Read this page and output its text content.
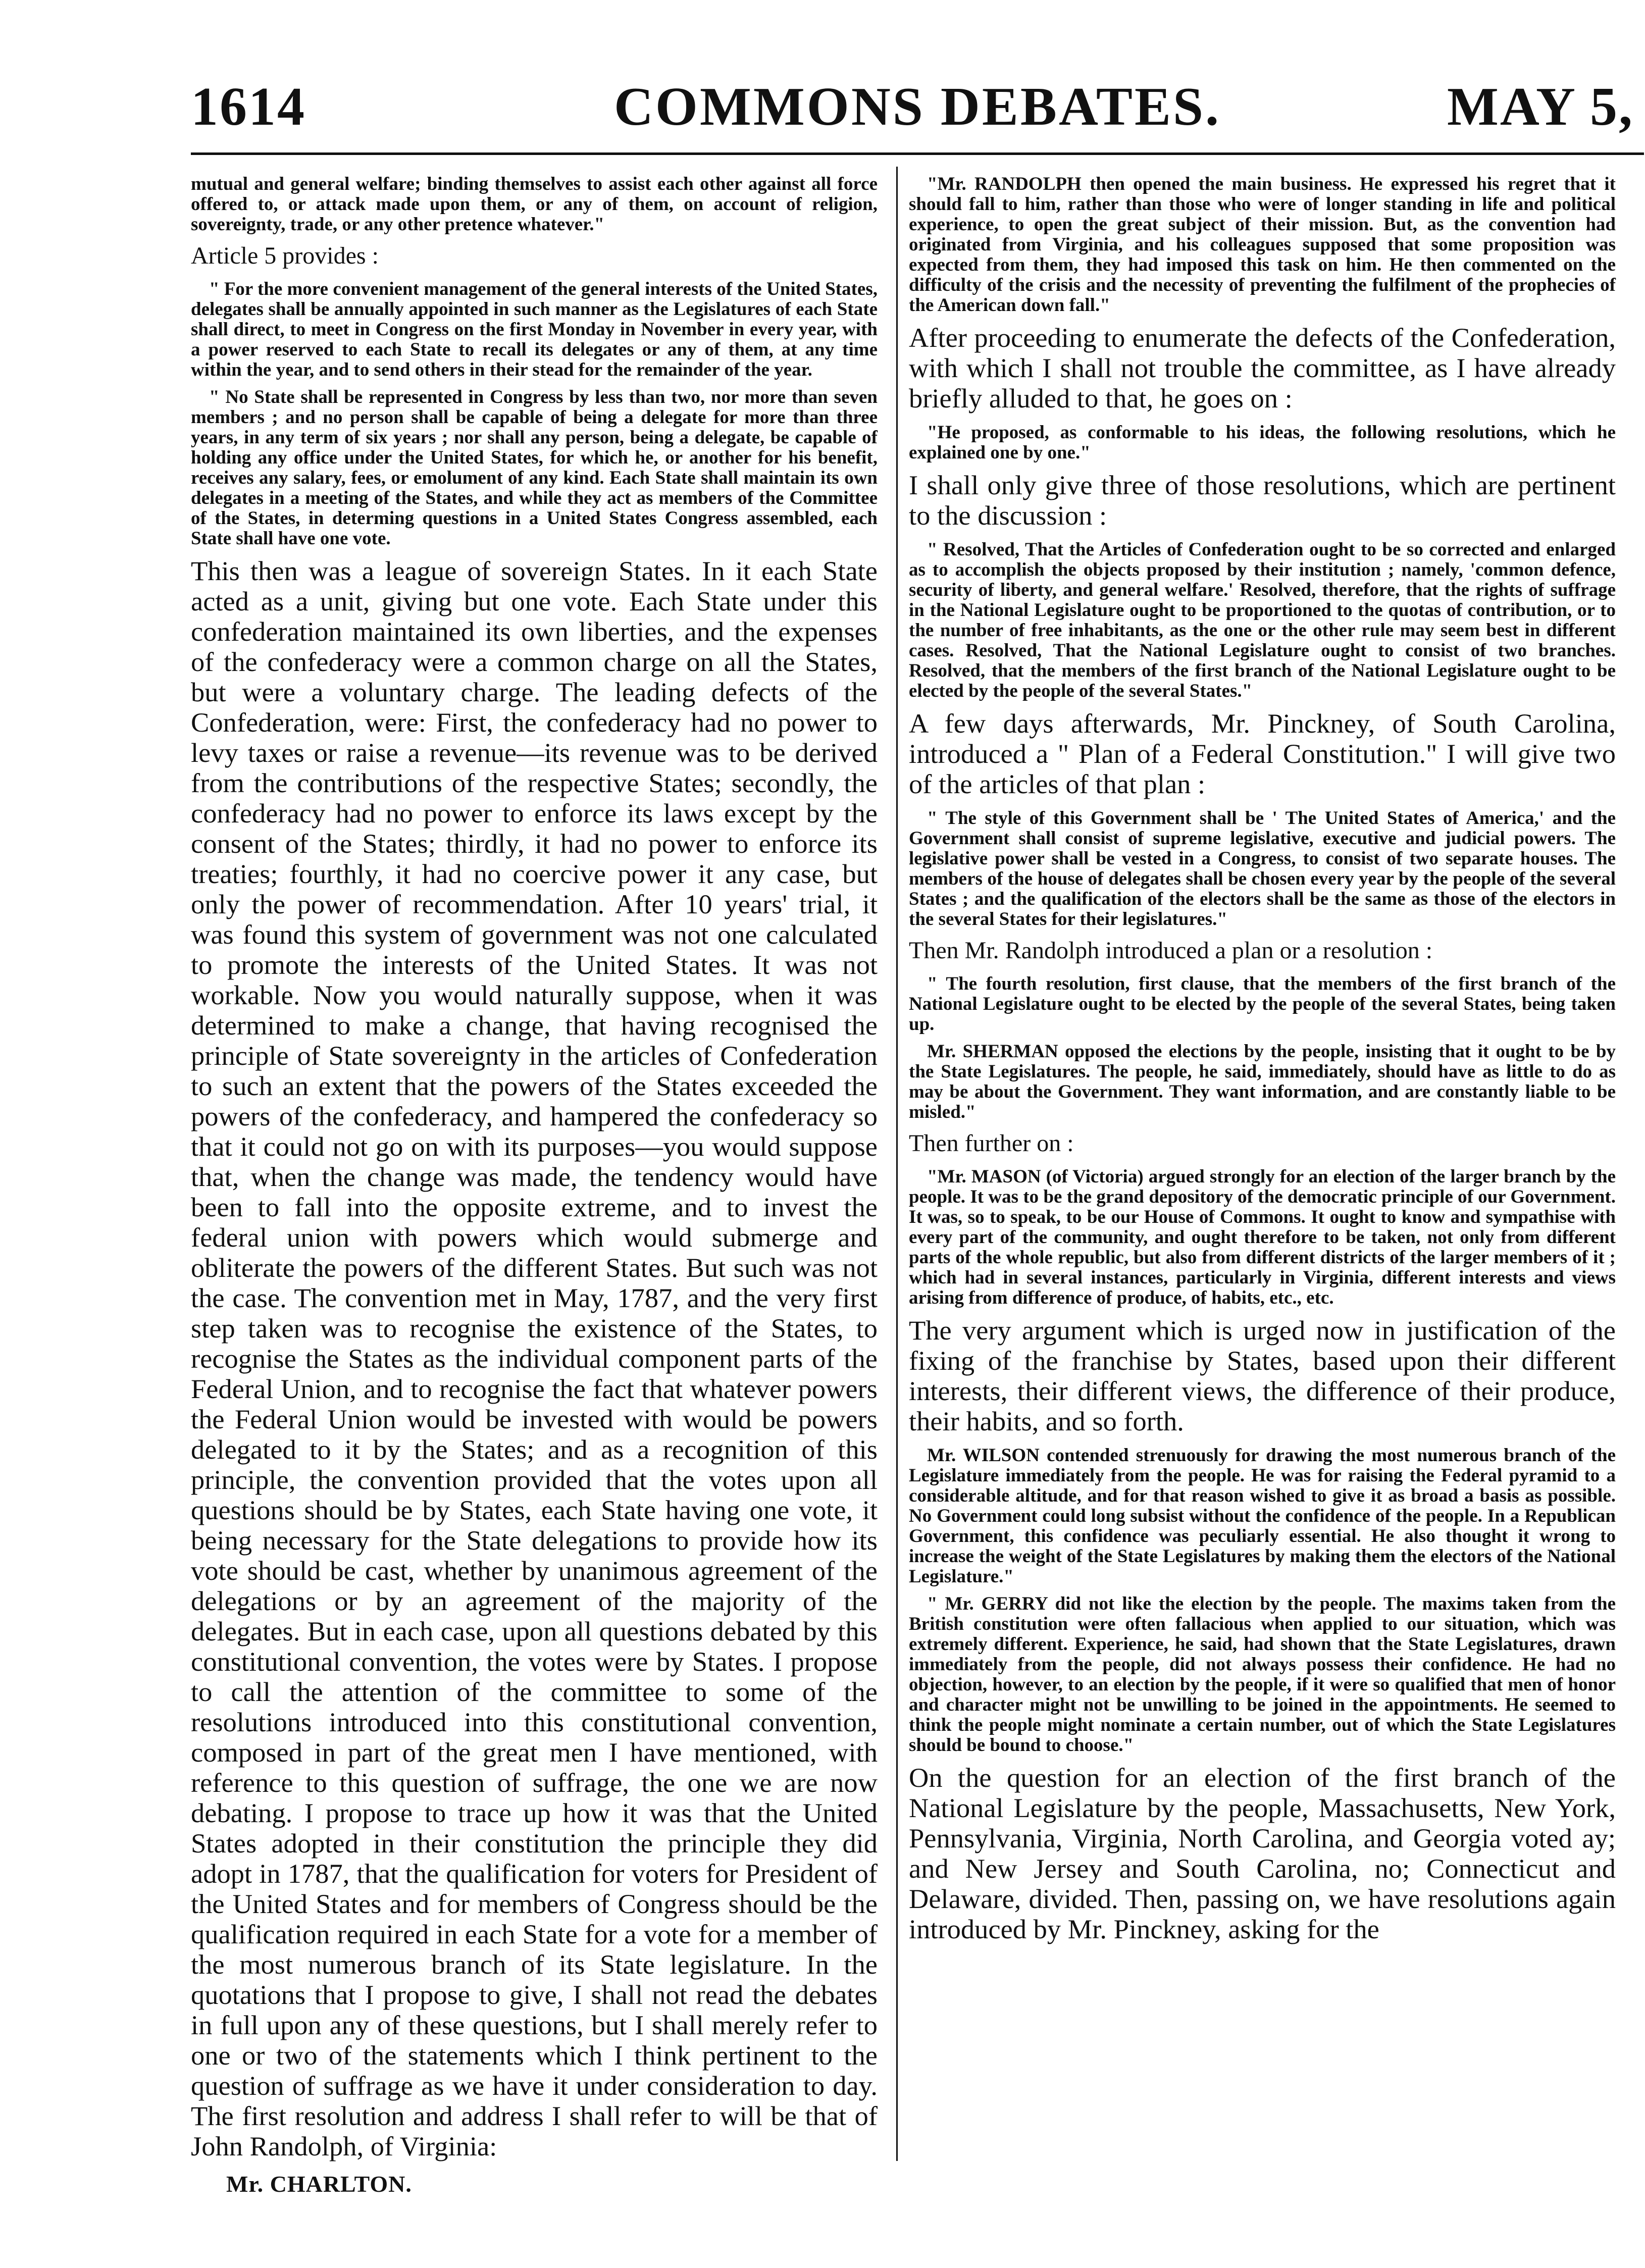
1614	COMMONS DEBATES.	MAY 5,

mutual and general welfare; binding themselves to assist each other against all force offered to, or attack made upon them, or any of them, on account of religion, sovereignty, trade, or any other pretence whatever."

Article 5 provides :

" For the more convenient management of the general interests of the United States, delegates shall be annually appointed in such manner as the Legislatures of each State shall direct, to meet in Congress on the first Monday in November in every year, with a power reserved to each State to recall its delegates or any of them, at any time within the year, and to send others in their stead for the remainder of the year.

" No State shall be represented in Congress by less than two, nor more than seven members ; and no person shall be capable of being a delegate for more than three years, in any term of six years ; nor shall any person, being a delegate, be capable of holding any office under the United States, for which he, or another for his benefit, receives any salary, fees, or emolument of any kind. Each State shall maintain its own delegates in a meeting of the States, and while they act as members of the Committee of the States, in determing questions in a United States Congress assembled, each State shall have one vote.

This then was a league of sovereign States. In it each State acted as a unit, giving but one vote. Each State under this confederation maintained its own liberties, and the expenses of the confederacy were a common charge on all the States, but were a voluntary charge. The leading defects of the Confederation, were: First, the confederacy had no power to levy taxes or raise a revenue—its revenue was to be derived from the contributions of the respective States; secondly, the confederacy had no power to enforce its laws except by the consent of the States; thirdly, it had no power to enforce its treaties; fourthly, it had no coercive power it any case, but only the power of recommendation. After 10 years' trial, it was found this system of government was not one calculated to promote the interests of the United States. It was not workable. Now you would naturally suppose, when it was determined to make a change, that having recognised the principle of State sovereignty in the articles of Confederation to such an extent that the powers of the States exceeded the powers of the confederacy, and hampered the confederacy so that it could not go on with its purposes—you would suppose that, when the change was made, the tendency would have been to fall into the opposite extreme, and to invest the federal union with powers which would submerge and obliterate the powers of the different States. But such was not the case. The convention met in May, 1787, and the very first step taken was to recognise the existence of the States, to recognise the States as the individual component parts of the Federal Union, and to recognise the fact that whatever powers the Federal Union would be invested with would be powers delegated to it by the States; and as a recognition of this principle, the convention provided that the votes upon all questions should be by States, each State having one vote, it being necessary for the State delegations to provide how its vote should be cast, whether by unanimous agreement of the delegations or by an agreement of the majority of the delegates. But in each case, upon all questions debated by this constitutional convention, the votes were by States. I propose to call the attention of the committee to some of the resolutions introduced into this constitutional convention, composed in part of the great men I have mentioned, with reference to this question of suffrage, the one we are now debating. I propose to trace up how it was that the United States adopted in their constitution the principle they did adopt in 1787, that the qualification for voters for President of the United States and for members of Congress should be the qualification required in each State for a vote for a member of the most numerous branch of its State legislature. In the quotations that I propose to give, I shall not read the debates in full upon any of these questions, but I shall merely refer to one or two of the statements which I think pertinent to the question of suffrage as we have it under consideration to day. The first resolution and address I shall refer to will be that of John Randolph, of Virginia:

Mr. CHARLTON.

"Mr. RANDOLPH then opened the main business. He expressed his regret that it should fall to him, rather than those who were of longer standing in life and political experience, to open the great subject of their mission. But, as the convention had originated from Virginia, and his colleagues supposed that some proposition was expected from them, they had imposed this task on him. He then commented on the difficulty of the crisis and the necessity of preventing the fulfilment of the prophecies of the American down fall."

After proceeding to enumerate the defects of the Confederation, with which I shall not trouble the committee, as I have already briefly alluded to that, he goes on :

"He proposed, as conformable to his ideas, the following resolutions, which he explained one by one."

I shall only give three of those resolutions, which are pertinent to the discussion :

" Resolved, That the Articles of Confederation ought to be so corrected and enlarged as to accomplish the objects proposed by their institution ; namely, 'common defence, security of liberty, and general welfare.' Resolved, therefore, that the rights of suffrage in the National Legislature ought to be proportioned to the quotas of contribution, or to the number of free inhabitants, as the one or the other rule may seem best in different cases. Resolved, That the National Legislature ought to consist of two branches. Resolved, that the members of the first branch of the National Legislature ought to be elected by the people of the several States."

A few days afterwards, Mr. Pinckney, of South Carolina, introduced a " Plan of a Federal Constitution." I will give two of the articles of that plan :

" The style of this Government shall be ' The United States of America,' and the Government shall consist of supreme legislative, executive and judicial powers. The legislative power shall be vested in a Congress, to consist of two separate houses. The members of the house of delegates shall be chosen every year by the people of the several States ; and the qualification of the electors shall be the same as those of the electors in the several States for their legislatures."

Then Mr. Randolph introduced a plan or a resolution :

" The fourth resolution, first clause, that the members of the first branch of the National Legislature ought to be elected by the people of the several States, being taken up.

Mr. SHERMAN opposed the elections by the people, insisting that it ought to be by the State Legislatures. The people, he said, immediately, should have as little to do as may be about the Government. They want information, and are constantly liable to be misled."

Then further on :

"Mr. MASON (of Victoria) argued strongly for an election of the larger branch by the people. It was to be the grand depository of the democratic principle of our Government. It was, so to speak, to be our House of Commons. It ought to know and sympathise with every part of the community, and ought therefore to be taken, not only from different parts of the whole republic, but also from different districts of the larger members of it ; which had in several instances, particularly in Virginia, different interests and views arising from difference of produce, of habits, etc., etc.

The very argument which is urged now in justification of the fixing of the franchise by States, based upon their different interests, their different views, the difference of their produce, their habits, and so forth.

Mr. WILSON contended strenuously for drawing the most numerous branch of the Legislature immediately from the people. He was for raising the Federal pyramid to a considerable altitude, and for that reason wished to give it as broad a basis as possible. No Government could long subsist without the confidence of the people. In a Republican Government, this confidence was peculiarly essential. He also thought it wrong to increase the weight of the State Legislatures by making them the electors of the National Legislature."

" Mr. GERRY did not like the election by the people. The maxims taken from the British constitution were often fallacious when applied to our situation, which was extremely different. Experience, he said, had shown that the State Legislatures, drawn immediately from the people, did not always possess their confidence. He had no objection, however, to an election by the people, if it were so qualified that men of honor and character might not be unwilling to be joined in the appointments. He seemed to think the people might nominate a certain number, out of which the State Legislatures should be bound to choose."

On the question for an election of the first branch of the National Legislature by the people, Massachusetts, New York, Pennsylvania, Virginia, North Carolina, and Georgia voted ay; and New Jersey and South Carolina, no; Connecticut and Delaware, divided. Then, passing on, we have resolutions again introduced by Mr. Pinckney, asking for the
